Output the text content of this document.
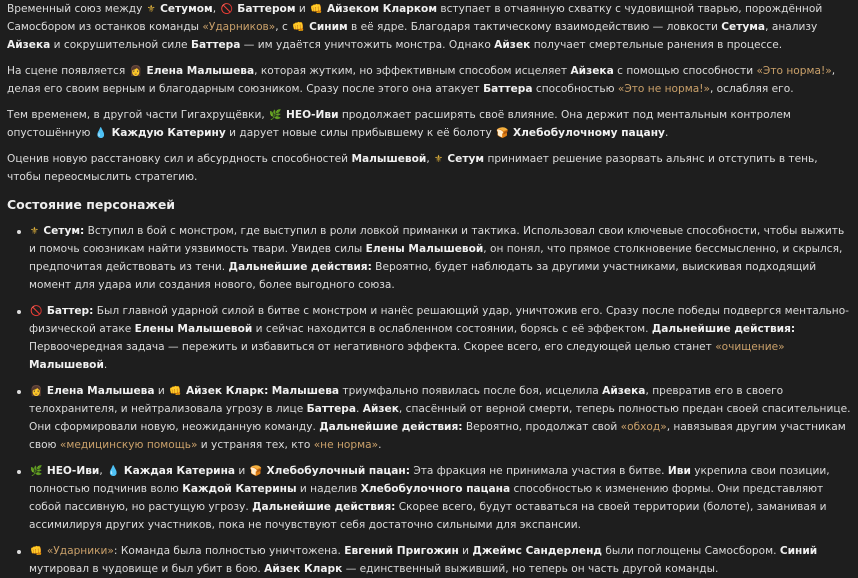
Временный союз между ⚜ Сетумом, 🚫 Баттером и 👊 Айзеком Кларком вступает в отчаянную схватку с чудовищной тварью, порождённой Самосбором из останков команды «Ударников», с 👊 Синим в её ядре. Благодаря тактическому взаимодействию — ловкости Сетума, анализу Айзека и сокрушительной силе Баттера — им удаётся уничтожить монстра. Однако Айзек получает смертельные ранения в процессе.

На сцене появляется 👩 Елена Малышева, которая жутким, но эффективным способом исцеляет Айзека с помощью способности «Это норма!», делая его своим верным и благодарным союзником. Сразу после этого она атакует Баттера способностью «Это не норма!», ослабляя его.

Тем временем, в другой части Гигахрущёвки, 🌿 НЕО-Иви продолжает расширять своё влияние. Она держит под ментальным контролем опустошённую 💧 Каждую Катерину и дарует новые силы прибывшему к её болоту 🍞 Хлебобулочному пацану.

Оценив новую расстановку сил и абсурдность способностей Малышевой, ⚜ Сетум принимает решение разорвать альянс и отступить в тень, чтобы переосмыслить стратегию.

Состояние персонажей
⚜ Сетум: Вступил в бой с монстром, где выступил в роли ловкой приманки и тактика. Использовал свои ключевые способности, чтобы выжить и помочь союзникам найти уязвимость твари. Увидев силы Елены Малышевой, он понял, что прямое столкновение бессмысленно, и скрылся, предпочитая действовать из тени. Дальнейшие действия: Вероятно, будет наблюдать за другими участниками, выискивая подходящий момент для удара или создания нового, более выгодного союза.
🚫 Баттер: Был главной ударной силой в битве с монстром и нанёс решающий удар, уничтожив его. Сразу после победы подвергся ментально-физической атаке Елены Малышевой и сейчас находится в ослабленном состоянии, борясь с её эффектом. Дальнейшие действия: Первоочередная задача — пережить и избавиться от негативного эффекта. Скорее всего, его следующей целью станет «очищение» Малышевой.
👩 Елена Малышева и 👊 Айзек Кларк: Малышева триумфально появилась после боя, исцелила Айзека, превратив его в своего телохранителя, и нейтрализовала угрозу в лице Баттера. Айзек, спасённый от верной смерти, теперь полностью предан своей спасительнице. Они сформировали новую, неожиданную команду. Дальнейшие действия: Вероятно, продолжат свой «обход», навязывая другим участникам свою «медицинскую помощь» и устраняя тех, кто «не норма».
🌿 НЕО-Иви, 💧 Каждая Катерина и 🍞 Хлебобулочный пацан: Эта фракция не принимала участия в битве. Иви укрепила свои позиции, полностью подчинив волю Каждой Катерины и наделив Хлебобулочного пацана способностью к изменению формы. Они представляют собой пассивную, но растущую угрозу. Дальнейшие действия: Скорее всего, будут оставаться на своей территории (болоте), заманивая и ассимилируя других участников, пока не почувствуют себя достаточно сильными для экспансии.
👊 «Ударники»: Команда была полностью уничтожена. Евгений Пригожин и Джеймс Сандерленд были поглощены Самосбором. Синий мутировал в чудовище и был убит в бою. Айзек Кларк — единственный выживший, но теперь он часть другой команды.
